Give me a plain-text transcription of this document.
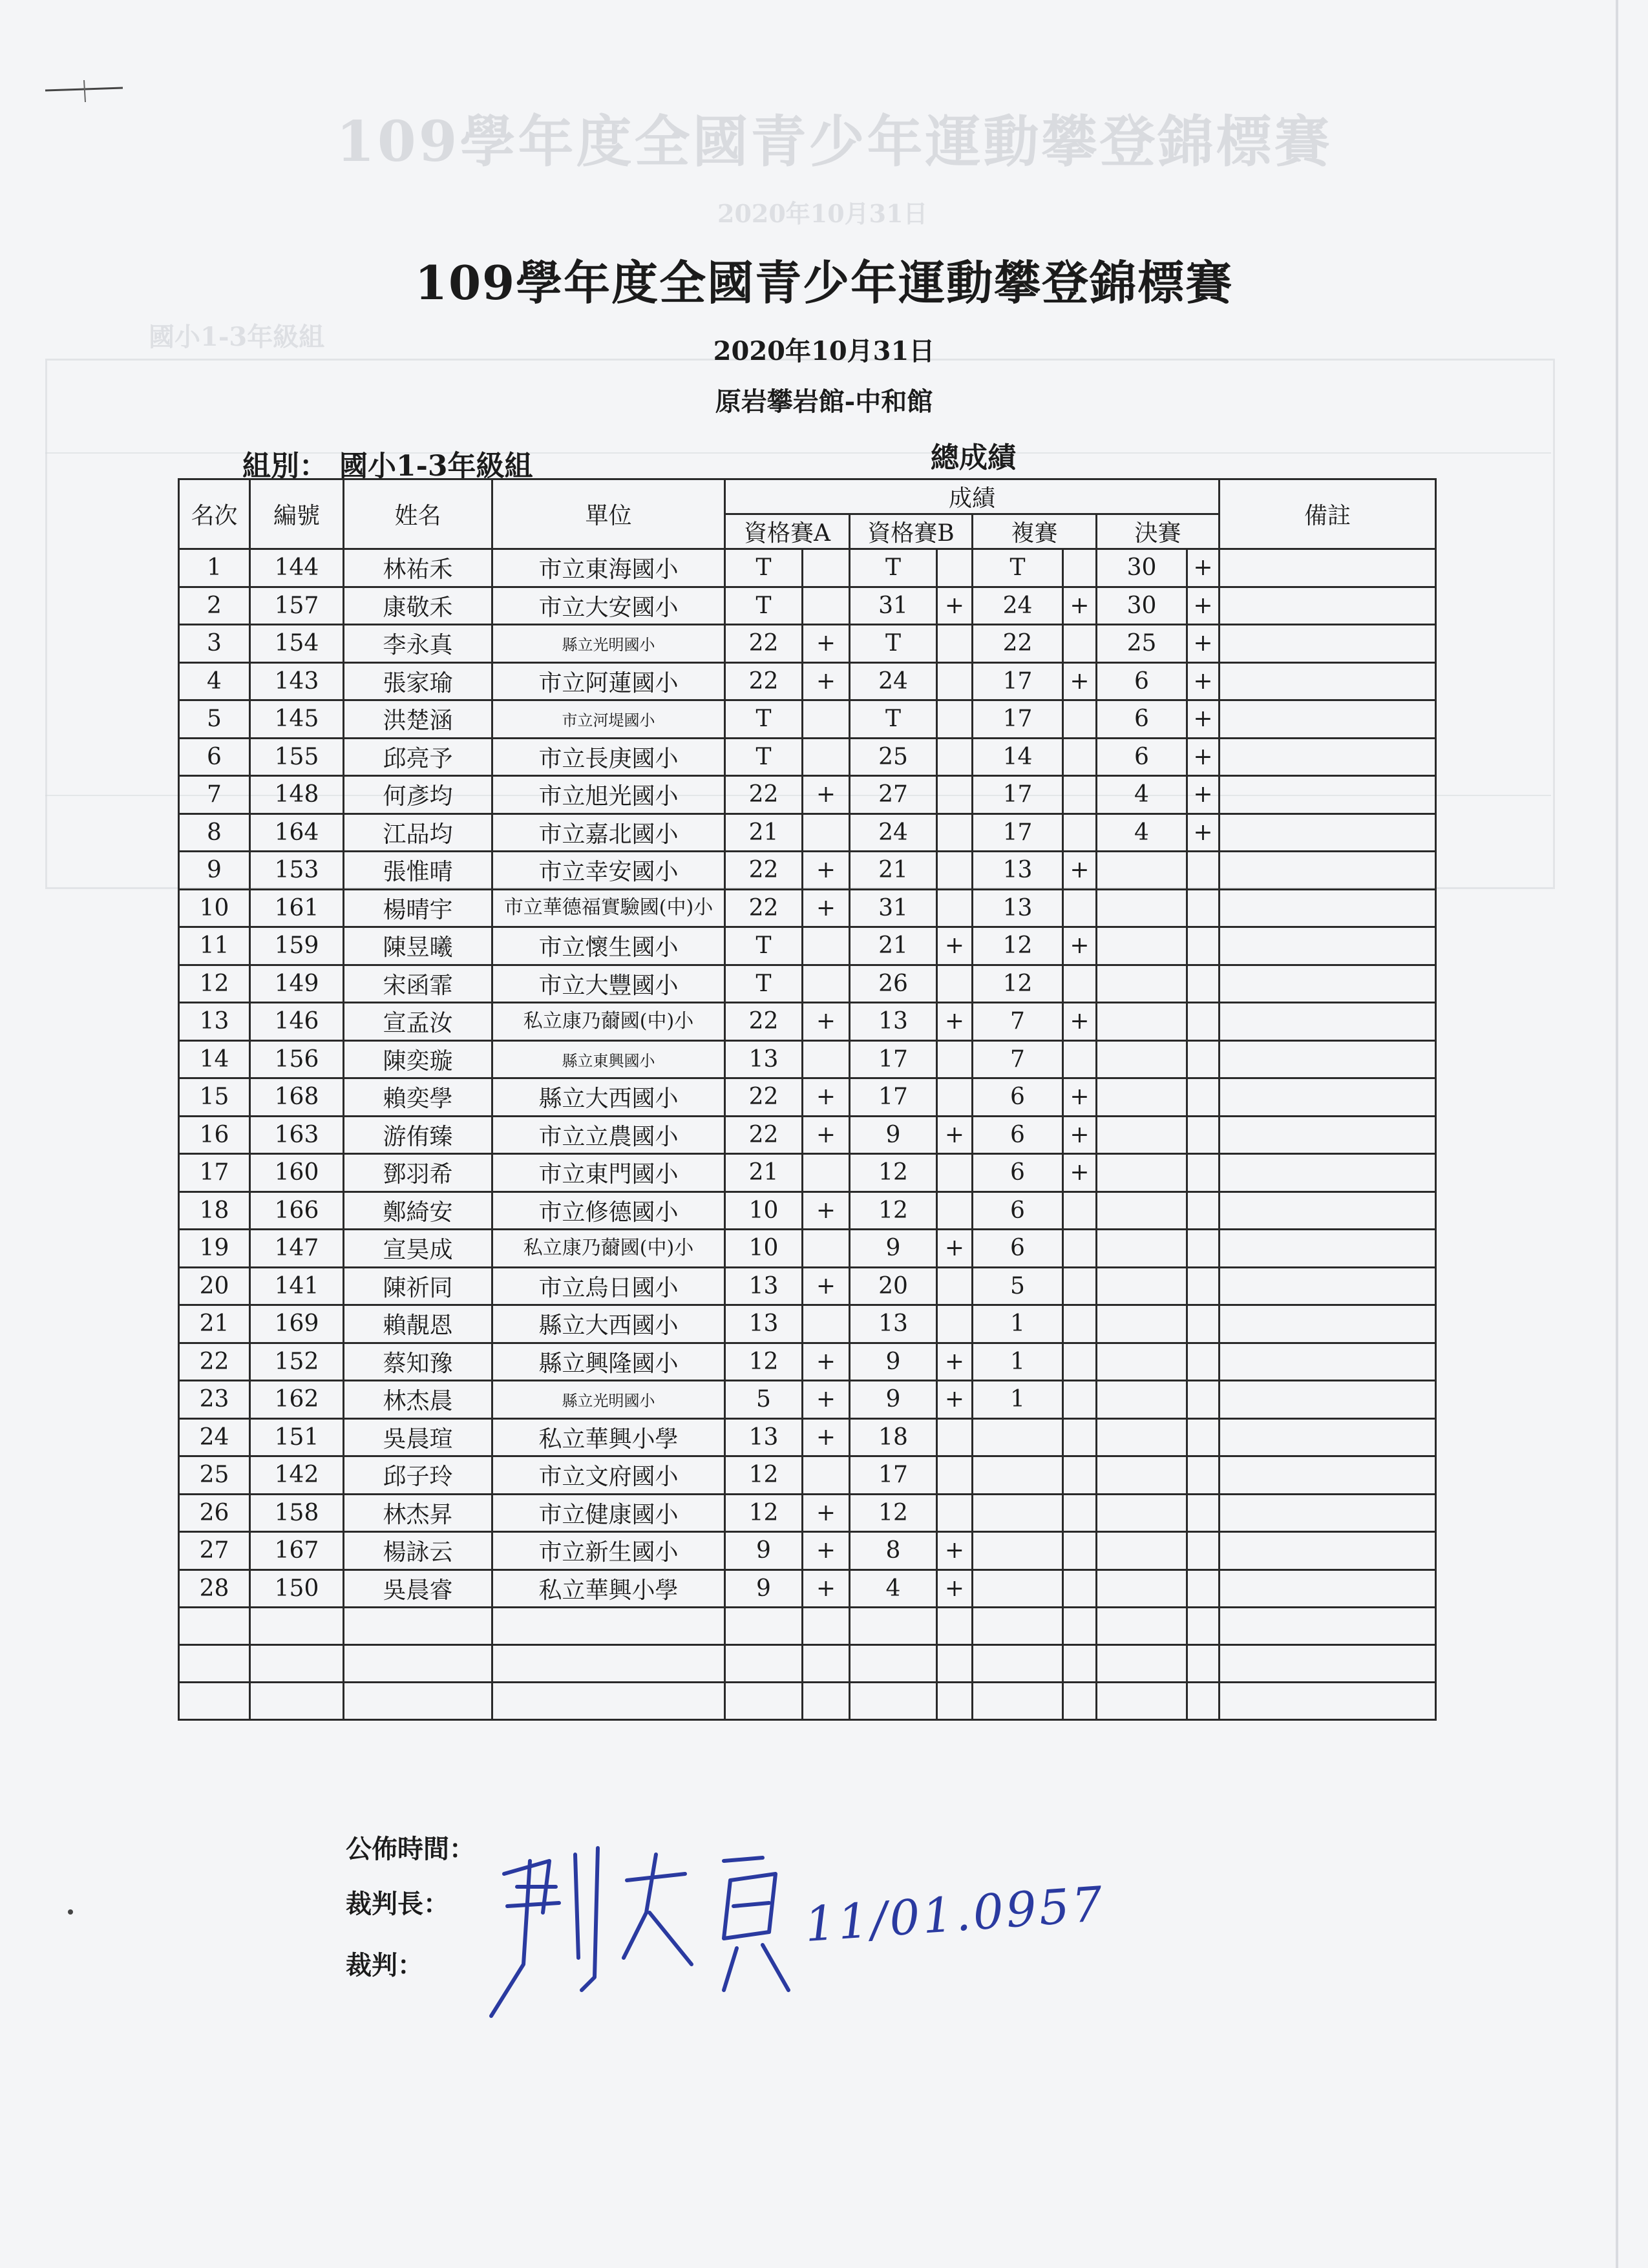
109學年度全國青少年運動攀登錦標賽
2020年10月31日
國小1-3年級組
109學年度全國青少年運動攀登錦標賽
2020年10月31日
原岩攀岩館-中和館
組別： 國小1-3年級組	總成績
名次	編號	姓名	單位	成績								備註
				資格賽A		資格賽B		複賽		決賽		
1	144	林祐禾	市立東海國小	T		T		T		30	+	
2	157	康敬禾	市立大安國小	T		31	+	24	+	30	+	
3	154	李永真	縣立光明國小	22	+	T		22		25	+	
4	143	張家瑜	市立阿蓮國小	22	+	24		17	+	6	+	
5	145	洪楚涵	市立河堤國小	T		T		17		6	+	
6	155	邱亮予	市立長庚國小	T		25		14		6	+	
7	148	何彥均	市立旭光國小	22	+	27		17		4	+	
8	164	江品均	市立嘉北國小	21		24		17		4	+	
9	153	張惟晴	市立幸安國小	22	+	21		13	+			
10	161	楊晴宇	市立華德福實驗國(中)小	22	+	31		13				
11	159	陳昱曦	市立懷生國小	T		21	+	12	+			
12	149	宋函霏	市立大豐國小	T		26		12				
13	146	宣孟汝	私立康乃薾國(中)小	22	+	13	+	7	+			
14	156	陳奕璇	縣立東興國小	13		17		7				
15	168	賴奕學	縣立大西國小	22	+	17		6	+			
16	163	游侑臻	市立立農國小	22	+	9	+	6	+			
17	160	鄧羽希	市立東門國小	21		12		6	+			
18	166	鄭綺安	市立修德國小	10	+	12		6				
19	147	宣昊成	私立康乃薾國(中)小	10		9	+	6				
20	141	陳祈同	市立烏日國小	13	+	20		5				
21	169	賴靚恩	縣立大西國小	13		13		1				
22	152	蔡知豫	縣立興隆國小	12	+	9	+	1				
23	162	林杰晨	縣立光明國小	5	+	9	+	1				
24	151	吳晨瑄	私立華興小學	13	+	18						
25	142	邱子玲	市立文府國小	12		17						
26	158	林杰昇	市立健康國小	12	+	12						
27	167	楊詠云	市立新生國小	9	+	8	+					
28	150	吳晨睿	私立華興小學	9	+	4	+					

公佈時間：
裁判長：
裁判：
11/01.0957
